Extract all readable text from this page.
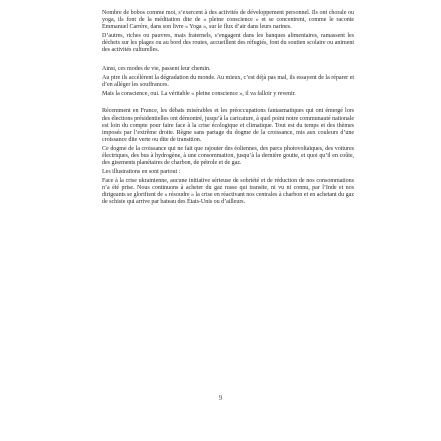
Nombre de bobos comme moi, s’exercent à des activités de développement personnel. Ils ont chorale ou yoga, ils font de la méditation dite de « pleine conscience » et se concentrent, comme le raconte Emmanuel Carrère, dans son livre « Yoga », sur le flux d’air dans leurs narines.

D’autres, riches ou pauvres, mais fraternels, s’engagent dans les banques alimentaires, ramassent les déchets sur les plages ou au bord des routes, accueillent des réfugiés, font du soutien scolaire ou animent des activités culturelles.

Ainsi, ces modes de vie, passent leur chemin.

Au pire ils accélèrent la dégradation du monde. Au mieux, c’est déjà pas mal, ils essayent de la réparer et d’en alléger les souffrances.

Mais la conscience, oui. La véritable « pleine conscience », il va falloir y revenir.

Récemment en France, les débats misérables et les préoccupations fantasmatiques qui ont émergé lors des élections présidentielles ont démontré, jusqu’à la caricature, à quel point notre communauté nationale est loin du compte pour faire face à la crise écologique et climatique. Tout est du temps et des thèmes imposés par l’extrême droite. Règne sans partage du dogme de la croissance, mis aux couleurs d’une croissance dite verte ou dite de transition.

Ce dogme de la croissance qui ne fait que rajouter des éoliennes, des parcs photovoltaïques, des voitures électriques, des bus à hydrogène, à une consommation, jusqu’à la dernière goutte, et quoi qu’il en coûte, des gisements planétaires de charbon, de pétrole et de gaz.

Les illustrations en sont partout :

Face à la crise ukrainienne, aucune initiative sérieuse de sobriété et de réduction de nos consommations n’a été prise. Nous continuons à acheter du gaz russe qui transite, ni vu ni connu, par l’Inde et nos dirigeants se glorifient de « résoudre » la crise en réactivant nos centrales à charbon et en achetant du gaz de schiste qui arrive par bateau des États-Unis ou d’ailleurs.

9
